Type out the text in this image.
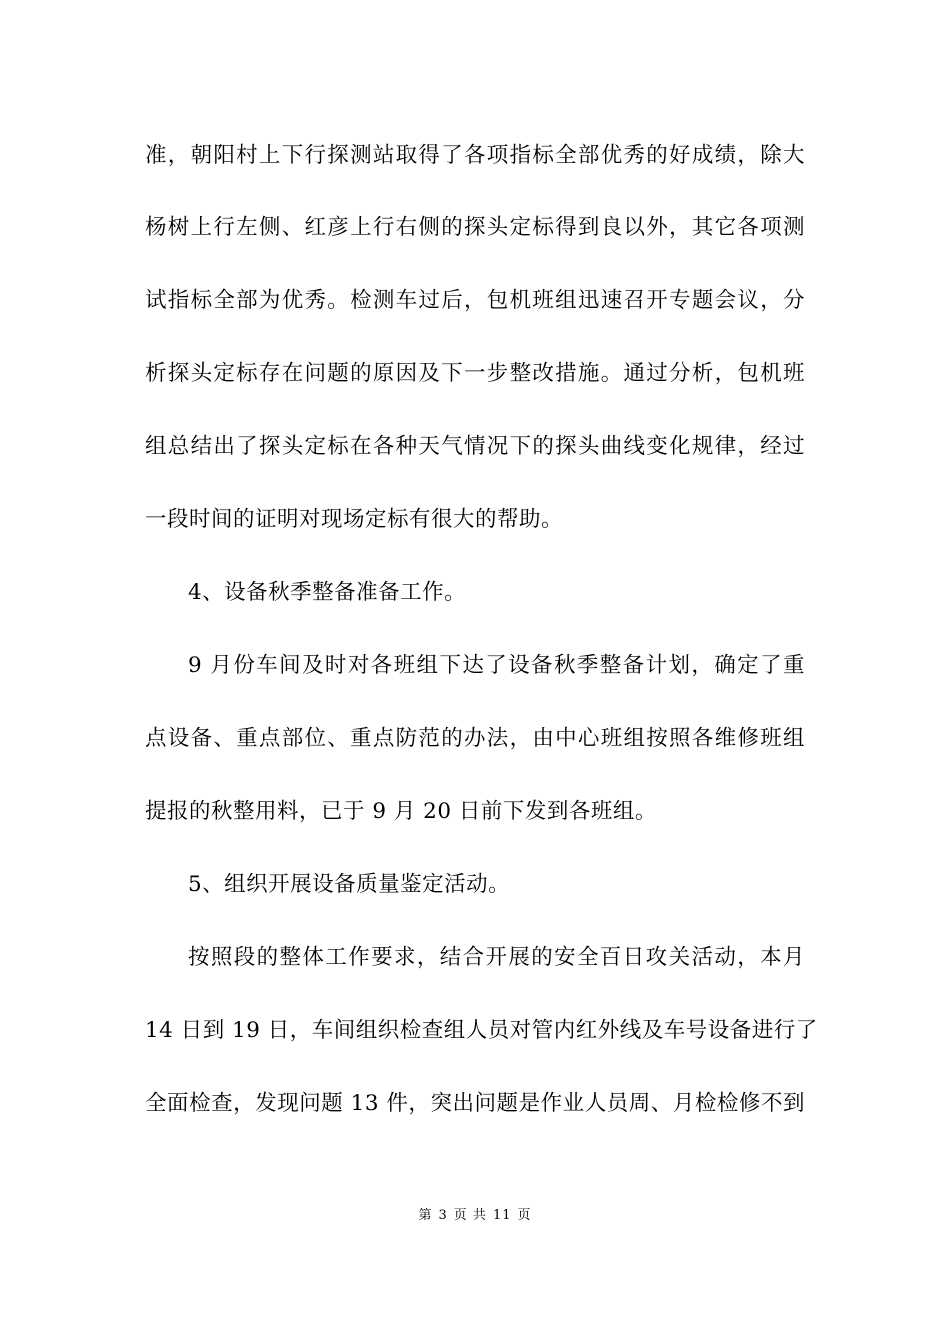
准，朝阳村上下行探测站取得了各项指标全部优秀的好成绩，除大
杨树上行左侧、红彦上行右侧的探头定标得到良以外，其它各项测
试指标全部为优秀。检测车过后，包机班组迅速召开专题会议，分
析探头定标存在问题的原因及下一步整改措施。通过分析，包机班
组总结出了探头定标在各种天气情况下的探头曲线变化规律，经过
一段时间的证明对现场定标有很大的帮助。
4、设备秋季整备准备工作。
9 月份车间及时对各班组下达了设备秋季整备计划，确定了重
点设备、重点部位、重点防范的办法，由中心班组按照各维修班组
提报的秋整用料，已于 9 月 20 日前下发到各班组。
5、组织开展设备质量鉴定活动。
按照段的整体工作要求，结合开展的安全百日攻关活动，本月
14 日到 19 日，车间组织检查组人员对管内红外线及车号设备进行了
全面检查，发现问题 13 件，突出问题是作业人员周、月检检修不到
第 3 页 共 11 页
